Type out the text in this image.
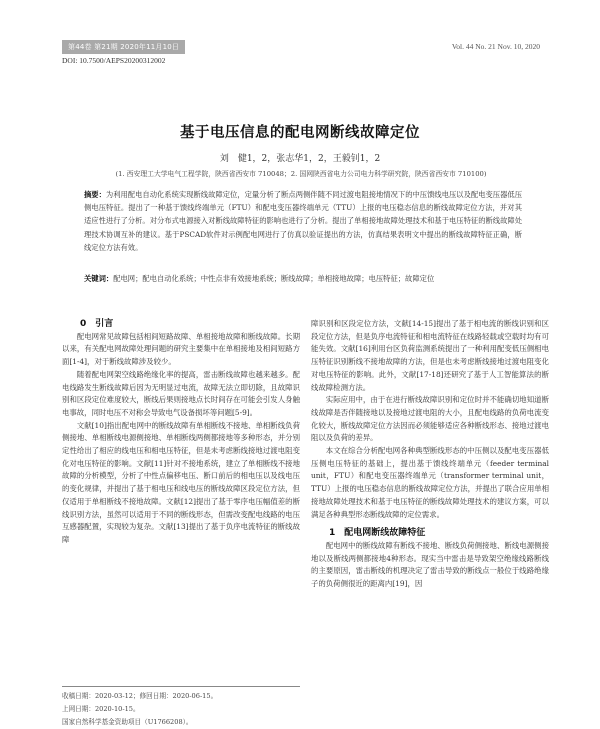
第44卷 第21期 2020年11月10日	Vol. 44 No. 21 Nov. 10, 2020
DOI: 10.7500/AEPS20200312002
基于电压信息的配电网断线故障定位
刘　健1，2，张志华1，2，王毅钊1，2
(1. 西安理工大学电气工程学院，陕西省西安市 710048；2. 国网陕西省电力公司电力科学研究院，陕西省西安市 710100)
摘要：为利用配电自动化系统实现断线故障定位，定量分析了断点两侧伴随不同过渡电阻接地情况下的中压馈线电压以及配电变压器低压侧电压特征。提出了一种基于馈线终端单元（FTU）和配电变压器终端单元（TTU）上报的电压稳态信息的断线故障定位方法，并对其适应性进行了分析。对分布式电源接入对断线故障特征的影响也进行了分析。提出了单相接地故障处理技术和基于电压特征的断线故障处理技术协调互补的建议。基于PSCAD软件对示例配电网进行了仿真以验证提出的方法，仿真结果表明文中提出的断线故障特征正确，断线定位方法有效。
关键词：配电网；配电自动化系统；中性点非有效接地系统；断线故障；单相接地故障；电压特征；故障定位

0　引言

配电网常见故障包括相间短路故障、单相接地故障和断线故障。长期以来，有关配电网故障处理问题的研究主要集中在单相接地及相间短路方面[1-4]，对于断线故障涉及较少。

随着配电网架空线路绝缘化率的提高，雷击断线故障也越来越多。配电线路发生断线故障后因为无明显过电流，故障无法立即切除，且故障识别和区段定位难度较大，断线后果则接地点长时间存在可能会引发人身触电事故，同时电压不对称会导致电气设备损坏等问题[5-9]。

文献[10]指出配电网中的断线故障有单相断线不接地、单相断线负荷侧接地、单相断线电源侧接地、单相断线两侧都接地等多种形态，并分别定性给出了相应的线电压和相电压特征，但是未考虑断线接地过渡电阻变化对电压特征的影响。文献[11]针对不接地系统，建立了单相断线不接地故障的分析模型，分析了中性点偏移电压、断口前后的相电压以及线电压的变化规律，并提出了基于相电压和线电压的断线故障区段定位方法，但仅适用于单相断线不接地故障。文献[12]提出了基于零序电压幅值差的断线识别方法，虽然可以适用于不同的断线形态，但需改变配电线路的电压互感器配置，实现较为复杂。文献[13]提出了基于负序电流特征的断线故障

障识别和区段定位方法，文献[14-15]提出了基于相电流的断线识别和区段定位方法，但是负序电流特征和相电流特征在线路轻载或空载时均有可能失效。文献[16]利用台区负荷监测系统提出了一种利用配变低压侧相电压特征识别断线不接地故障的方法，但是也未考虑断线接地过渡电阻变化对电压特征的影响。此外，文献[17-18]还研究了基于人工智能算法的断线故障检测方法。

实际应用中，由于在进行断线故障识别和定位时并不能确切地知道断线故障是否伴随接地以及接地过渡电阻的大小，且配电线路的负荷电流变化较大，断线故障定位方法因而必须能够适应各种断线形态、接地过渡电阻以及负荷的差异。

本文在综合分析配电网各种典型断线形态的中压侧以及配电变压器低压侧电压特征的基础上，提出基于馈线终端单元（feeder terminal unit，FTU）和配电变压器终端单元（transformer terminal unit，TTU）上报的电压稳态信息的断线故障定位方法，并提出了联合应用单相接地故障处理技术和基于电压特征的断线故障处理技术的建议方案，可以满足各种典型形态断线故障的定位需求。

1　配电网断线故障特征

配电网中的断线故障有断线不接地、断线负荷侧接地、断线电源侧接地以及断线两侧都接地4种形态。现实当中雷击是导致架空绝缘线路断线的主要原因，雷击断线的机理决定了雷击导致的断线点一般位于线路绝缘子的负荷侧很近的距离内[19]，因

收稿日期：2020-03-12；修回日期：2020-06-15。
上网日期：2020-10-15。
国家自然科学基金资助项目（U1766208）。
